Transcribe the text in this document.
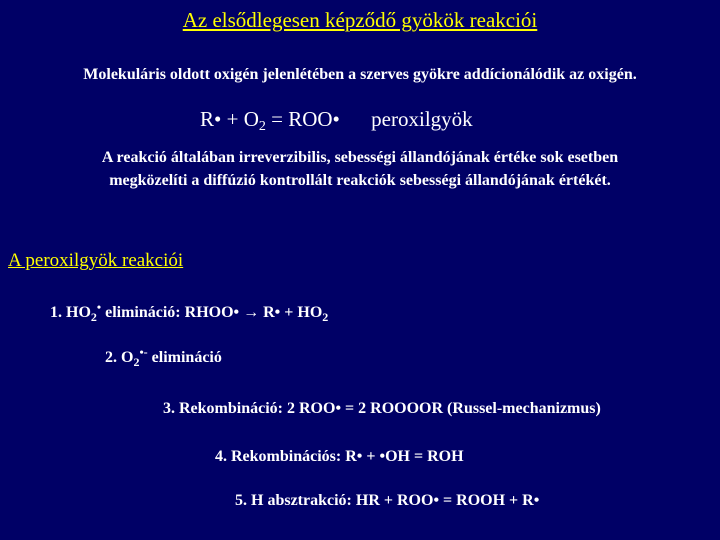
Az elsődlegesen képződő gyökök reakciói
Molekuláris oldott oxigén jelenlétében a szerves gyökre addícionálódik az oxigén.
R• + $O_2$ = ROO• peroxilgyök
A reakció általában irreverzibilis, sebességi állandójának értéke sok esetben
megközelíti a diffúzió kontrollált reakciók sebességi állandójának értékét.
A peroxilgyök reakciói
1. $HO_2^•$ elimináció: RHOO• → R• + $HO_2$
2. $O_2^{•-}$ elimináció
3. Rekombináció: 2 ROO• = 2 ROOOOR (Russel-mechanizmus)
4. Rekombinációs: R• + •OH = ROH
5. H absztrakció: HR + ROO• = ROOH + R•
